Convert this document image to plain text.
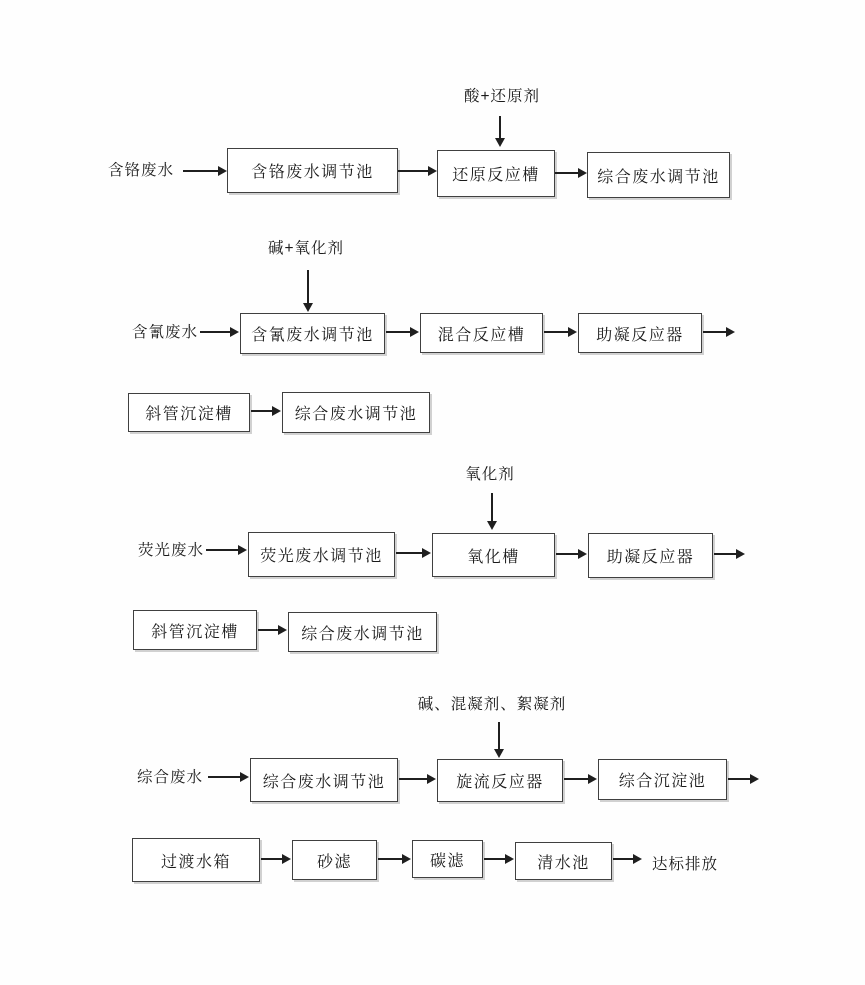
酸+还原剂
含铬废水	含铬废水调节池	还原反应槽	综合废水调节池
碱+氧化剂
含氰废水	含氰废水调节池	混合反应槽	助凝反应器
斜管沉淀槽	综合废水调节池
氧化剂
荧光废水	荧光废水调节池	氧化槽	助凝反应器
斜管沉淀槽	综合废水调节池
碱、混凝剂、絮凝剂
综合废水	综合废水调节池	旋流反应器	综合沉淀池
过渡水箱	砂滤	碳滤	清水池	达标排放
